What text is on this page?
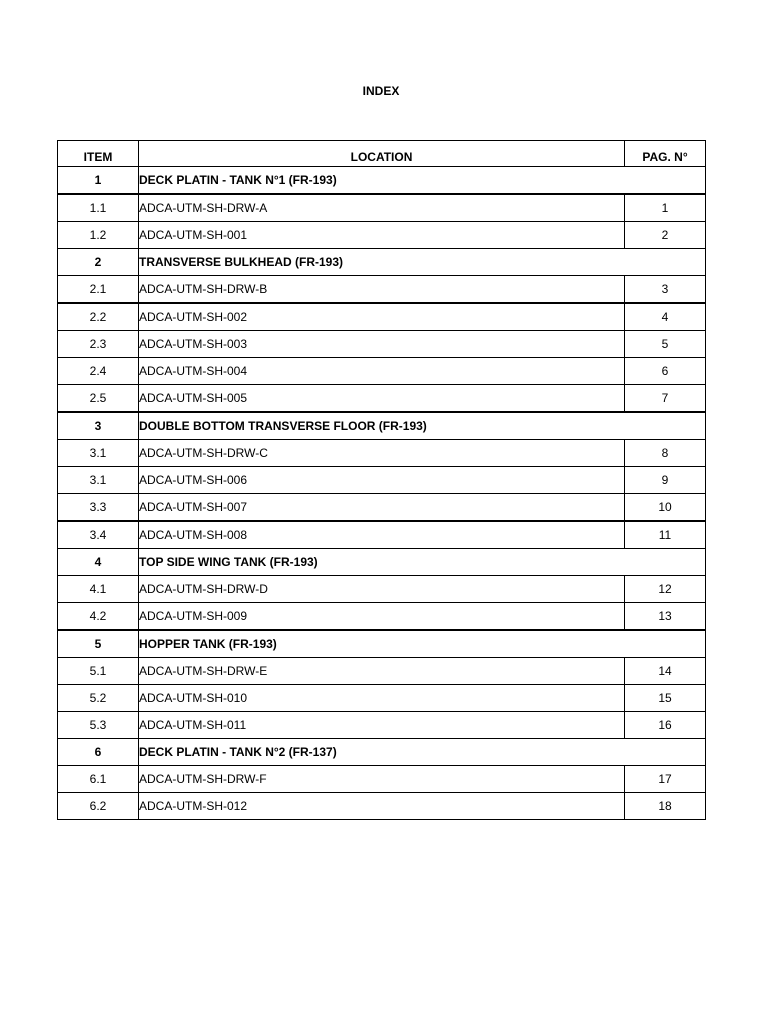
INDEX
ITEM	LOCATION	PAG. N°
1	DECK PLATIN - TANK N°1 (FR-193)	
1.1	ADCA-UTM-SH-DRW-A	1
1.2	ADCA-UTM-SH-001	2
2	TRANSVERSE BULKHEAD (FR-193)	
2.1	ADCA-UTM-SH-DRW-B	3
2.2	ADCA-UTM-SH-002	4
2.3	ADCA-UTM-SH-003	5
2.4	ADCA-UTM-SH-004	6
2.5	ADCA-UTM-SH-005	7
3	DOUBLE BOTTOM TRANSVERSE FLOOR (FR-193)	
3.1	ADCA-UTM-SH-DRW-C	8
3.1	ADCA-UTM-SH-006	9
3.3	ADCA-UTM-SH-007	10
3.4	ADCA-UTM-SH-008	11
4	TOP SIDE WING TANK (FR-193)	
4.1	ADCA-UTM-SH-DRW-D	12
4.2	ADCA-UTM-SH-009	13
5	HOPPER TANK (FR-193)	
5.1	ADCA-UTM-SH-DRW-E	14
5.2	ADCA-UTM-SH-010	15
5.3	ADCA-UTM-SH-011	16
6	DECK PLATIN - TANK N°2 (FR-137)	
6.1	ADCA-UTM-SH-DRW-F	17
6.2	ADCA-UTM-SH-012	18
